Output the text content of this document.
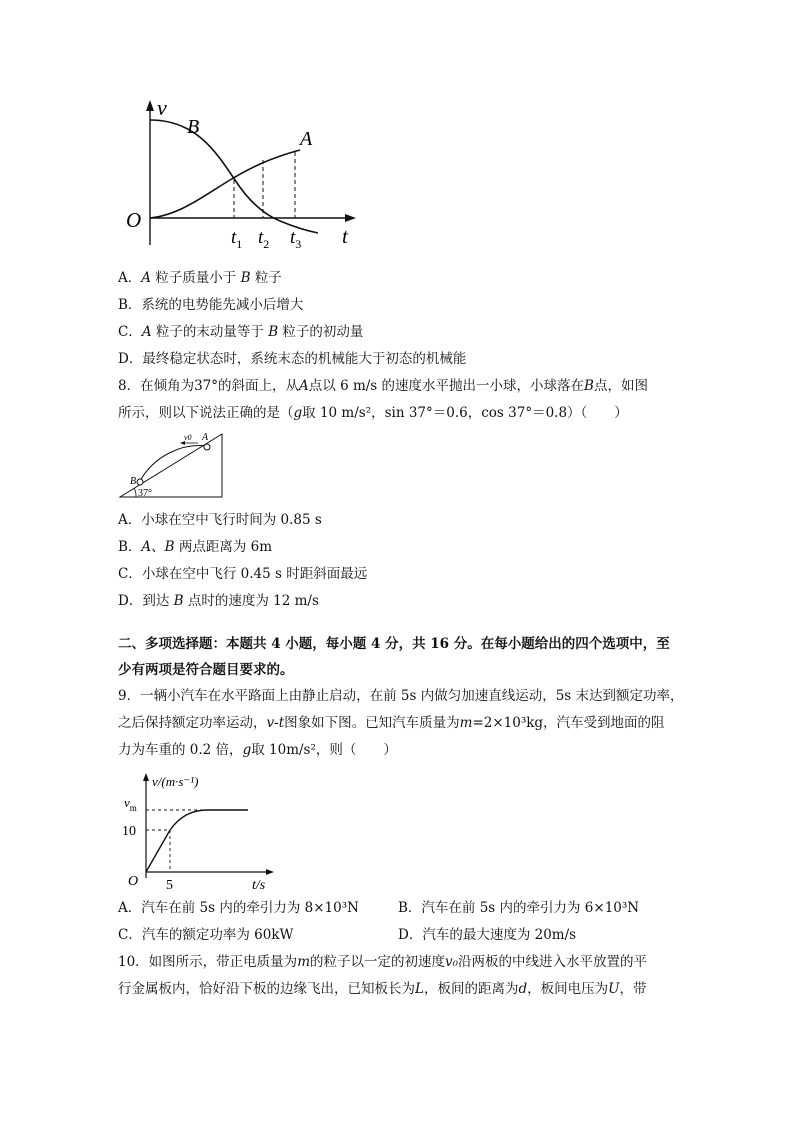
v
B
A
O
t
$t_1$ $t_2$ $t_3$
A．A 粒子质量小于 B 粒子
B．系统的电势能先减小后增大
C．A 粒子的末动量等于 B 粒子的初动量
D．最终稳定状态时，系统末态的机械能大于初态的机械能
8．在倾角为37°的斜面上，从A点以 6 m/s 的速度水平抛出一小球，小球落在B点，如图
所示，则以下说法正确的是（g取 10 m/s²，sin 37°＝0.6，cos 37°＝0.8）（　　）
v0 A
B
37°
A．小球在空中飞行时间为 0.85 s
B．A、B 两点距离为 6m
C．小球在空中飞行 0.45 s 时距斜面最远
D．到达 B 点时的速度为 12 m/s
二、多项选择题：本题共 4 小题，每小题 4 分，共 16 分。在每小题给出的四个选项中，至
少有两项是符合题目要求的。
9．一辆小汽车在水平路面上由静止启动，在前 5s 内做匀加速直线运动，5s 末达到额定功率，
之后保持额定功率运动，v-t图象如下图。已知汽车质量为m=2×10³kg，汽车受到地面的阻
力为车重的 0.2 倍，g取 10m/s²，则（　　）
v/(m·s⁻¹)
$v_m$
10
O 5	t/s
A．汽车在前 5s 内的牵引力为 8×10³N	B．汽车在前 5s 内的牵引力为 6×10³N
C．汽车的额定功率为 60kW	D．汽车的最大速度为 20m/s
10．如图所示，带正电质量为m的粒子以一定的初速度v₀沿两板的中线进入水平放置的平
行金属板内，恰好沿下板的边缘飞出，已知板长为L，板间的距离为d，板间电压为U，带
